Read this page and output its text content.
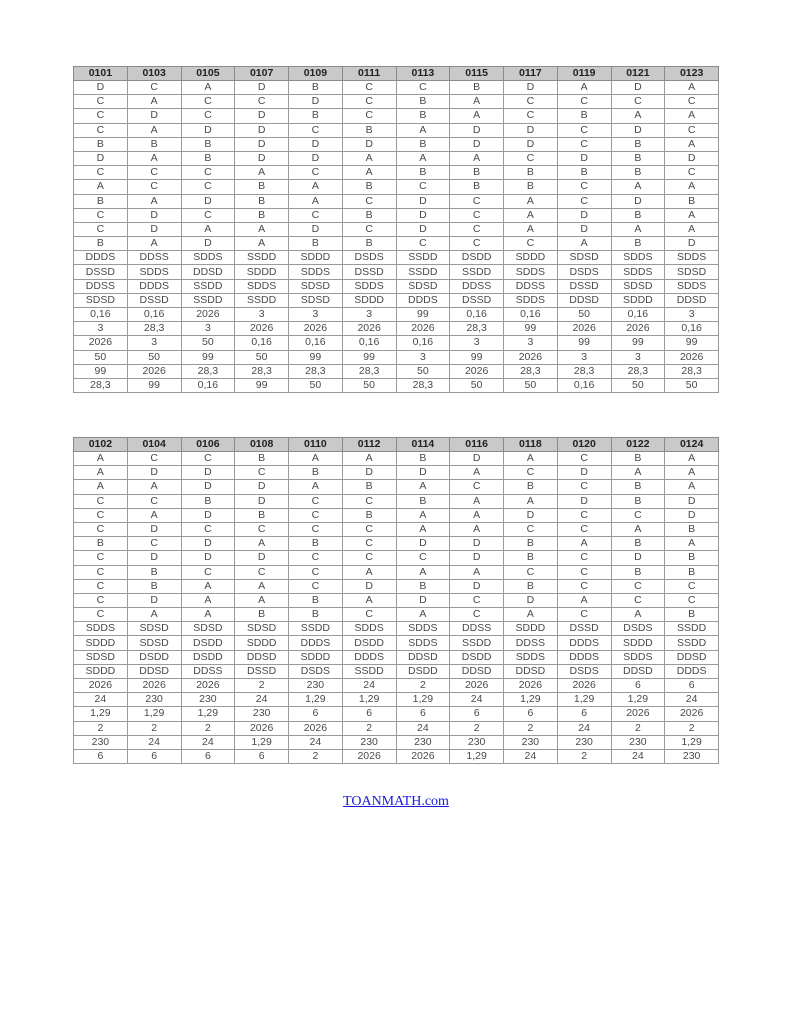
0101	0103	0105	0107	0109	0111	0113	0115	0117	0119	0121	0123
D	C	A	D	B	C	C	B	D	A	D	A
C	A	C	C	D	C	B	A	C	C	C	C
C	D	C	D	B	C	B	A	C	B	A	A
C	A	D	D	C	B	A	D	D	C	D	C
B	B	B	D	D	D	B	D	D	C	B	A
D	A	B	D	D	A	A	A	C	D	B	D
C	C	C	A	C	A	B	B	B	B	B	C
A	C	C	B	A	B	C	B	B	C	A	A
B	A	D	B	A	C	D	C	A	C	D	B
C	D	C	B	C	B	D	C	A	D	B	A
C	D	A	A	D	C	D	C	A	D	A	A
B	A	D	A	B	B	C	C	C	A	B	D
DDDS	DDSS	SDDS	SSDD	SDDD	DSDS	SSDD	DSDD	SDDD	SDSD	SDDS	SDDS
DSSD	SDDS	DDSD	SDDD	SDDS	DSSD	SSDD	SSDD	SDDS	DSDS	SDDS	SDSD
DDSS	DDDS	SSDD	SDDS	SDSD	SDDS	SDSD	DDSS	DDSS	DSSD	SDSD	SDDS
SDSD	DSSD	SSDD	SSDD	SDSD	SDDD	DDDS	DSSD	SDDS	DDSD	SDDD	DDSD
0,16	0,16	2026	3	3	3	99	0,16	0,16	50	0,16	3
3	28,3	3	2026	2026	2026	2026	28,3	99	2026	2026	0,16
2026	3	50	0,16	0,16	0,16	0,16	3	3	99	99	99
50	50	99	50	99	99	3	99	2026	3	3	2026
99	2026	28,3	28,3	28,3	28,3	50	2026	28,3	28,3	28,3	28,3
28,3	99	0,16	99	50	50	28,3	50	50	0,16	50	50
0102	0104	0106	0108	0110	0112	0114	0116	0118	0120	0122	0124
A	C	C	B	A	A	B	D	A	C	B	A
A	D	D	C	B	D	D	A	C	D	A	A
A	A	D	D	A	B	A	C	B	C	B	A
C	C	B	D	C	C	B	A	A	D	B	D
C	A	D	B	C	B	A	A	D	C	C	D
C	D	C	C	C	C	A	A	C	C	A	B
B	C	D	A	B	C	D	D	B	A	B	A
C	D	D	D	C	C	C	D	B	C	D	B
C	B	C	C	C	A	A	A	C	C	B	B
C	B	A	A	C	D	B	D	B	C	C	C
C	D	A	A	B	A	D	C	D	A	C	C
C	A	A	B	B	C	A	C	A	C	A	B
SDDS	SDSD	SDSD	SDSD	SSDD	SDDS	SDDS	DDSS	SDDD	DSSD	DSDS	SSDD
SDDD	SDSD	DSDD	SDDD	DDDS	DSDD	SDDS	SSDD	DDSS	DDDS	SDDD	SSDD
SDSD	DSDD	DSDD	DDSD	SDDD	DDDS	DDSD	DSDD	SDDS	DDDS	SDDS	DDSD
SDDD	DDSD	DDSS	DSSD	DSDS	SSDD	DSDD	DDSD	DDSD	DSDS	DDSD	DDDS
2026	2026	2026	2	230	24	2	2026	2026	2026	6	6
24	230	230	24	1,29	1,29	1,29	24	1,29	1,29	1,29	24
1,29	1,29	1,29	230	6	6	6	6	6	6	2026	2026
2	2	2	2026	2026	2	24	2	2	24	2	2
230	24	24	1,29	24	230	230	230	230	230	230	1,29
6	6	6	6	2	2026	2026	1,29	24	2	24	230
TOANMATH.com
